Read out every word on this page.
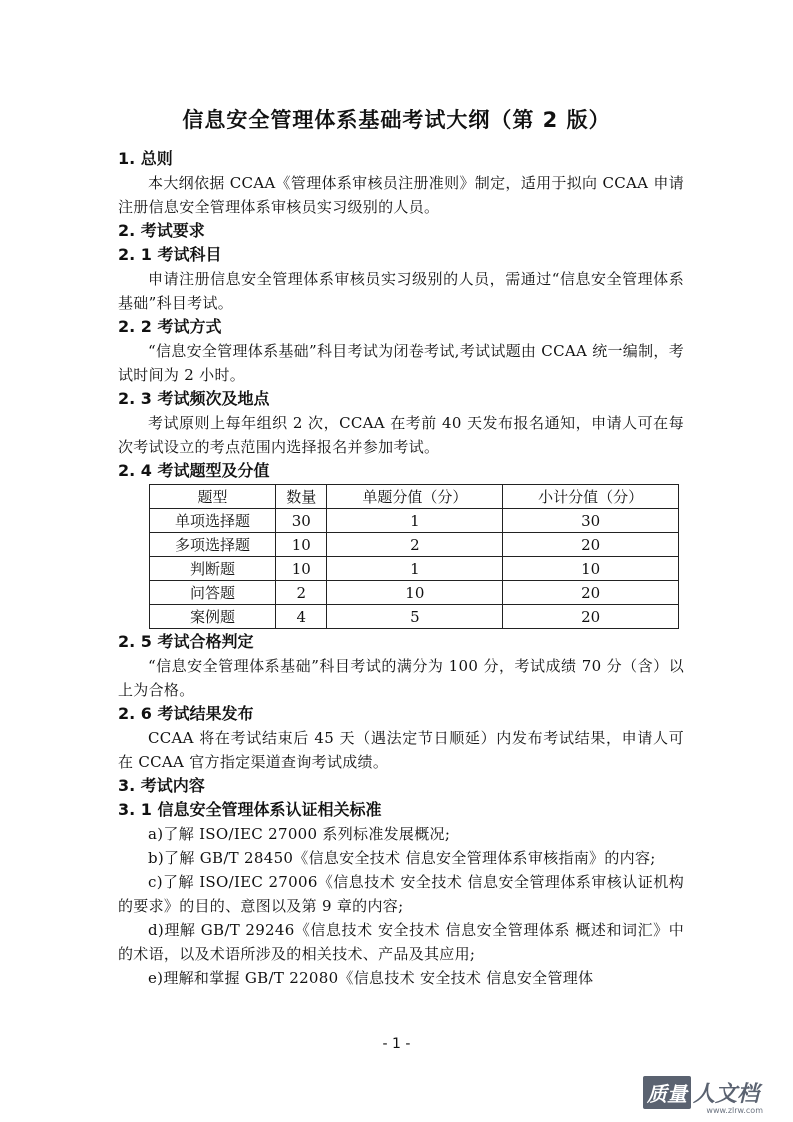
信息安全管理体系基础考试大纲（第 2 版）

1. 总则

本大纲依据 CCAA《管理体系审核员注册准则》制定，适用于拟向 CCAA 申请注册信息安全管理体系审核员实习级别的人员。

2. 考试要求

2. 1 考试科目

申请注册信息安全管理体系审核员实习级别的人员，需通过“信息安全管理体系基础”科目考试。

2. 2 考试方式

“信息安全管理体系基础”科目考试为闭卷考试,考试试题由 CCAA 统一编制，考试时间为 2 小时。

2. 3 考试频次及地点

考试原则上每年组织 2 次，CCAA 在考前 40 天发布报名通知，申请人可在每次考试设立的考点范围内选择报名并参加考试。

2. 4 考试题型及分值

题型	数量	单题分值（分）	小计分值（分）
单项选择题	30	1	30
多项选择题	10	2	20
判断题	10	1	10
问答题	2	10	20
案例题	4	5	20

2. 5 考试合格判定

“信息安全管理体系基础”科目考试的满分为 100 分，考试成绩 70 分（含）以上为合格。

2. 6 考试结果发布

CCAA 将在考试结束后 45 天（遇法定节日顺延）内发布考试结果，申请人可在 CCAA 官方指定渠道查询考试成绩。

3. 考试内容

3. 1 信息安全管理体系认证相关标准

a)了解 ISO/IEC 27000 系列标准发展概况;

b)了解 GB/T 28450《信息安全技术 信息安全管理体系审核指南》的内容;

c)了解 ISO/IEC 27006《信息技术 安全技术 信息安全管理体系审核认证机构的要求》的目的、意图以及第 9 章的内容;

d)理解 GB/T 29246《信息技术 安全技术 信息安全管理体系 概述和词汇》中的术语，以及术语所涉及的相关技术、产品及其应用;

e)理解和掌握 GB/T 22080《信息技术 安全技术 信息安全管理体

- 1 -
质量 人文档
www.zlrw.com
